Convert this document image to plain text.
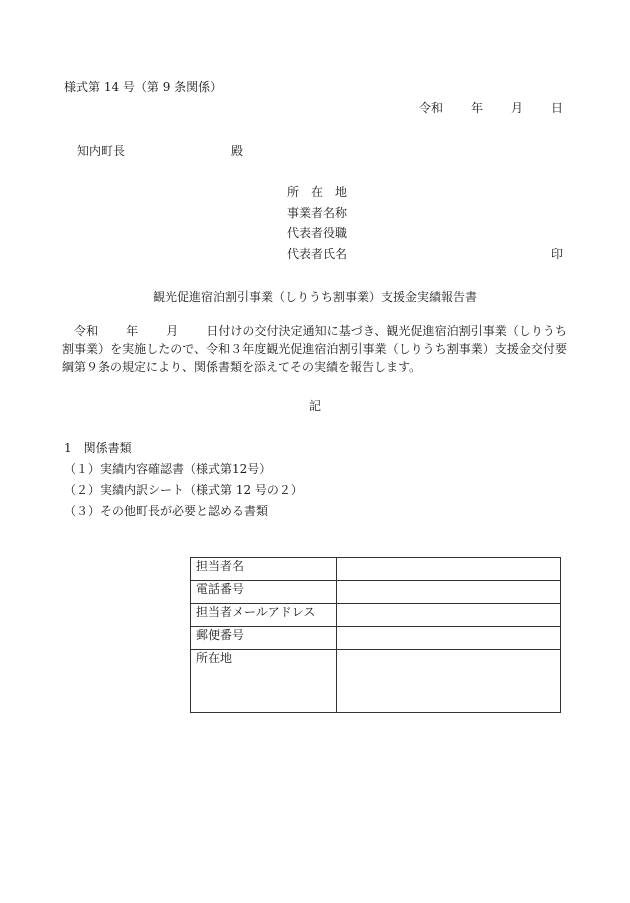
様式第 14 号（第 9 条関係）
令和 年 月 日
知内町長	殿
所　在　地
事業者名称
代表者役職
代表者氏名	印
観光促進宿泊割引事業（しりうち割事業）支援金実績報告書
　令和 年 月 日付けの交付決定通知に基づき、観光促進宿泊割引事業（しりうち割事業）を実施したので、令和３年度観光促進宿泊割引事業（しりうち割事業）支援金交付要綱第９条の規定により、関係書類を添えてその実績を報告します。
記
1　関係書類
（１）実績内容確認書（様式第12号）
（２）実績内訳シート（様式第 12 号の２）
（３）その他町長が必要と認める書類
担当者名	
電話番号	
担当者メールアドレス	
郵便番号	
所在地	
